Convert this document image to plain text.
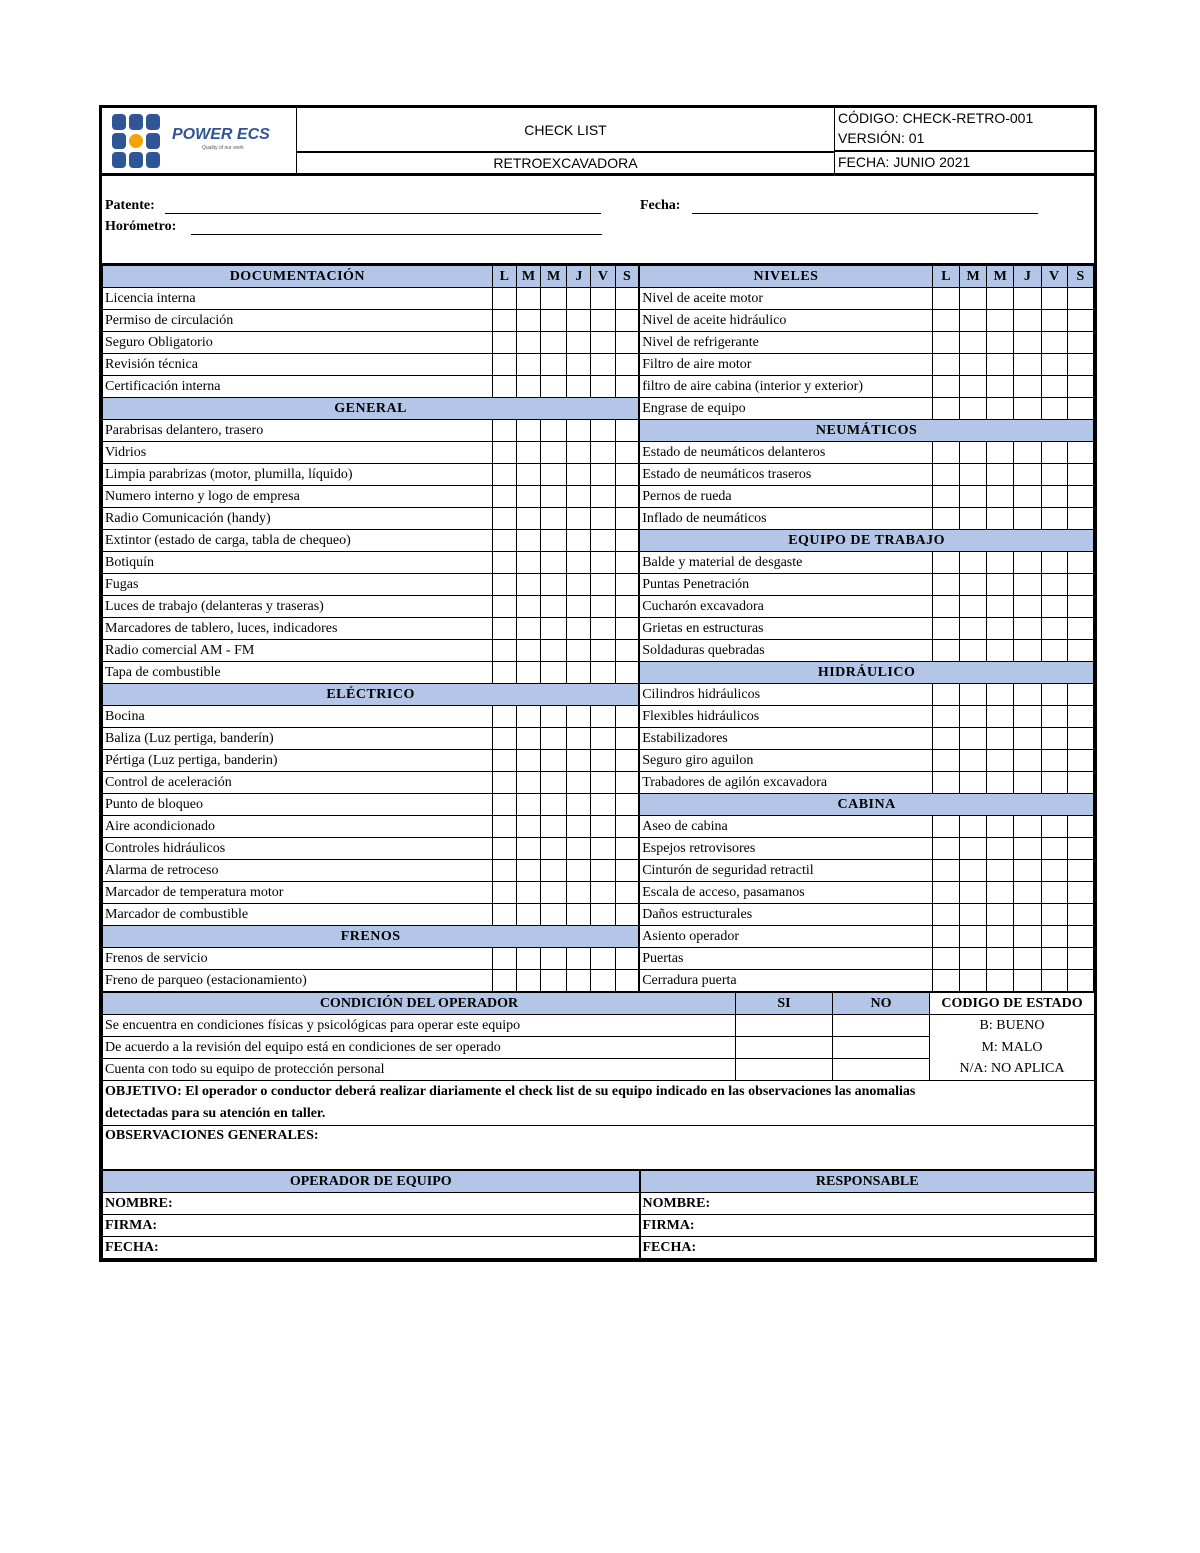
POWER ECS
Quality of our work
CHECK LIST
RETROEXCAVADORA
CÓDIGO: CHECK-RETRO-001
VERSIÓN: 01
FECHA: JUNIO 2021
Patente:	Fecha:
Horómetro:
DOCUMENTACIÓN	L	M	M	J	V	S	NIVELES	L	M	M	J	V	S
Licencia interna							Nivel de aceite motor						
Permiso de circulación							Nivel de aceite hidráulico						
Seguro Obligatorio							Nivel de refrigerante						
Revisión técnica							Filtro de aire motor						
Certificación interna							filtro de aire cabina (interior y exterior)						
GENERAL							Engrase de equipo						
Parabrisas delantero, trasero							NEUMÁTICOS						
Vidrios							Estado de neumáticos delanteros						
Limpia parabrizas (motor, plumilla, líquido)							Estado de neumáticos traseros						
Numero interno y logo de empresa							Pernos de rueda						
Radio Comunicación (handy)							Inflado de neumáticos						
Extintor (estado de carga, tabla de chequeo)							EQUIPO DE TRABAJO						
Botiquín							Balde y material de desgaste						
Fugas							Puntas Penetración						
Luces de trabajo (delanteras y traseras)							Cucharón excavadora						
Marcadores de tablero, luces, indicadores							Grietas en estructuras						
Radio comercial AM - FM							Soldaduras quebradas						
Tapa de combustible							HIDRÁULICO						
ELÉCTRICO							Cilindros hidráulicos						
Bocina							Flexibles hidráulicos						
Baliza (Luz pertiga, banderín)							Estabilizadores						
Pértiga (Luz pertiga, banderin)							Seguro giro aguilon						
Control de aceleración							Trabadores de agilón excavadora						
Punto de bloqueo							CABINA						
Aire acondicionado							Aseo de cabina						
Controles hidráulicos							Espejos retrovisores						
Alarma de retroceso							Cinturón de seguridad retractil						
Marcador de temperatura motor							Escala de acceso, pasamanos						
Marcador de combustible							Daños estructurales						
FRENOS							Asiento operador						
Frenos de servicio							Puertas						
Freno de parqueo (estacionamiento)							Cerradura puerta						
CONDICIÓN DEL OPERADOR	SI	NO	CODIGO DE ESTADO
Se encuentra en condiciones físicas y psicológicas para operar este equipo			B: BUENO
De acuerdo a la revisión del equipo está en condiciones de ser operado			M: MALO
Cuenta con todo su equipo de protección personal			N/A: NO APLICA
OBJETIVO: El operador o conductor deberá realizar diariamente el check list de su equipo indicado en las observaciones las anomalias
detectadas para su atención en taller.			
OBSERVACIONES GENERALES:			
OPERADOR DE EQUIPO	RESPONSABLE
NOMBRE:	NOMBRE:
FIRMA:	FIRMA:
FECHA:	FECHA:
